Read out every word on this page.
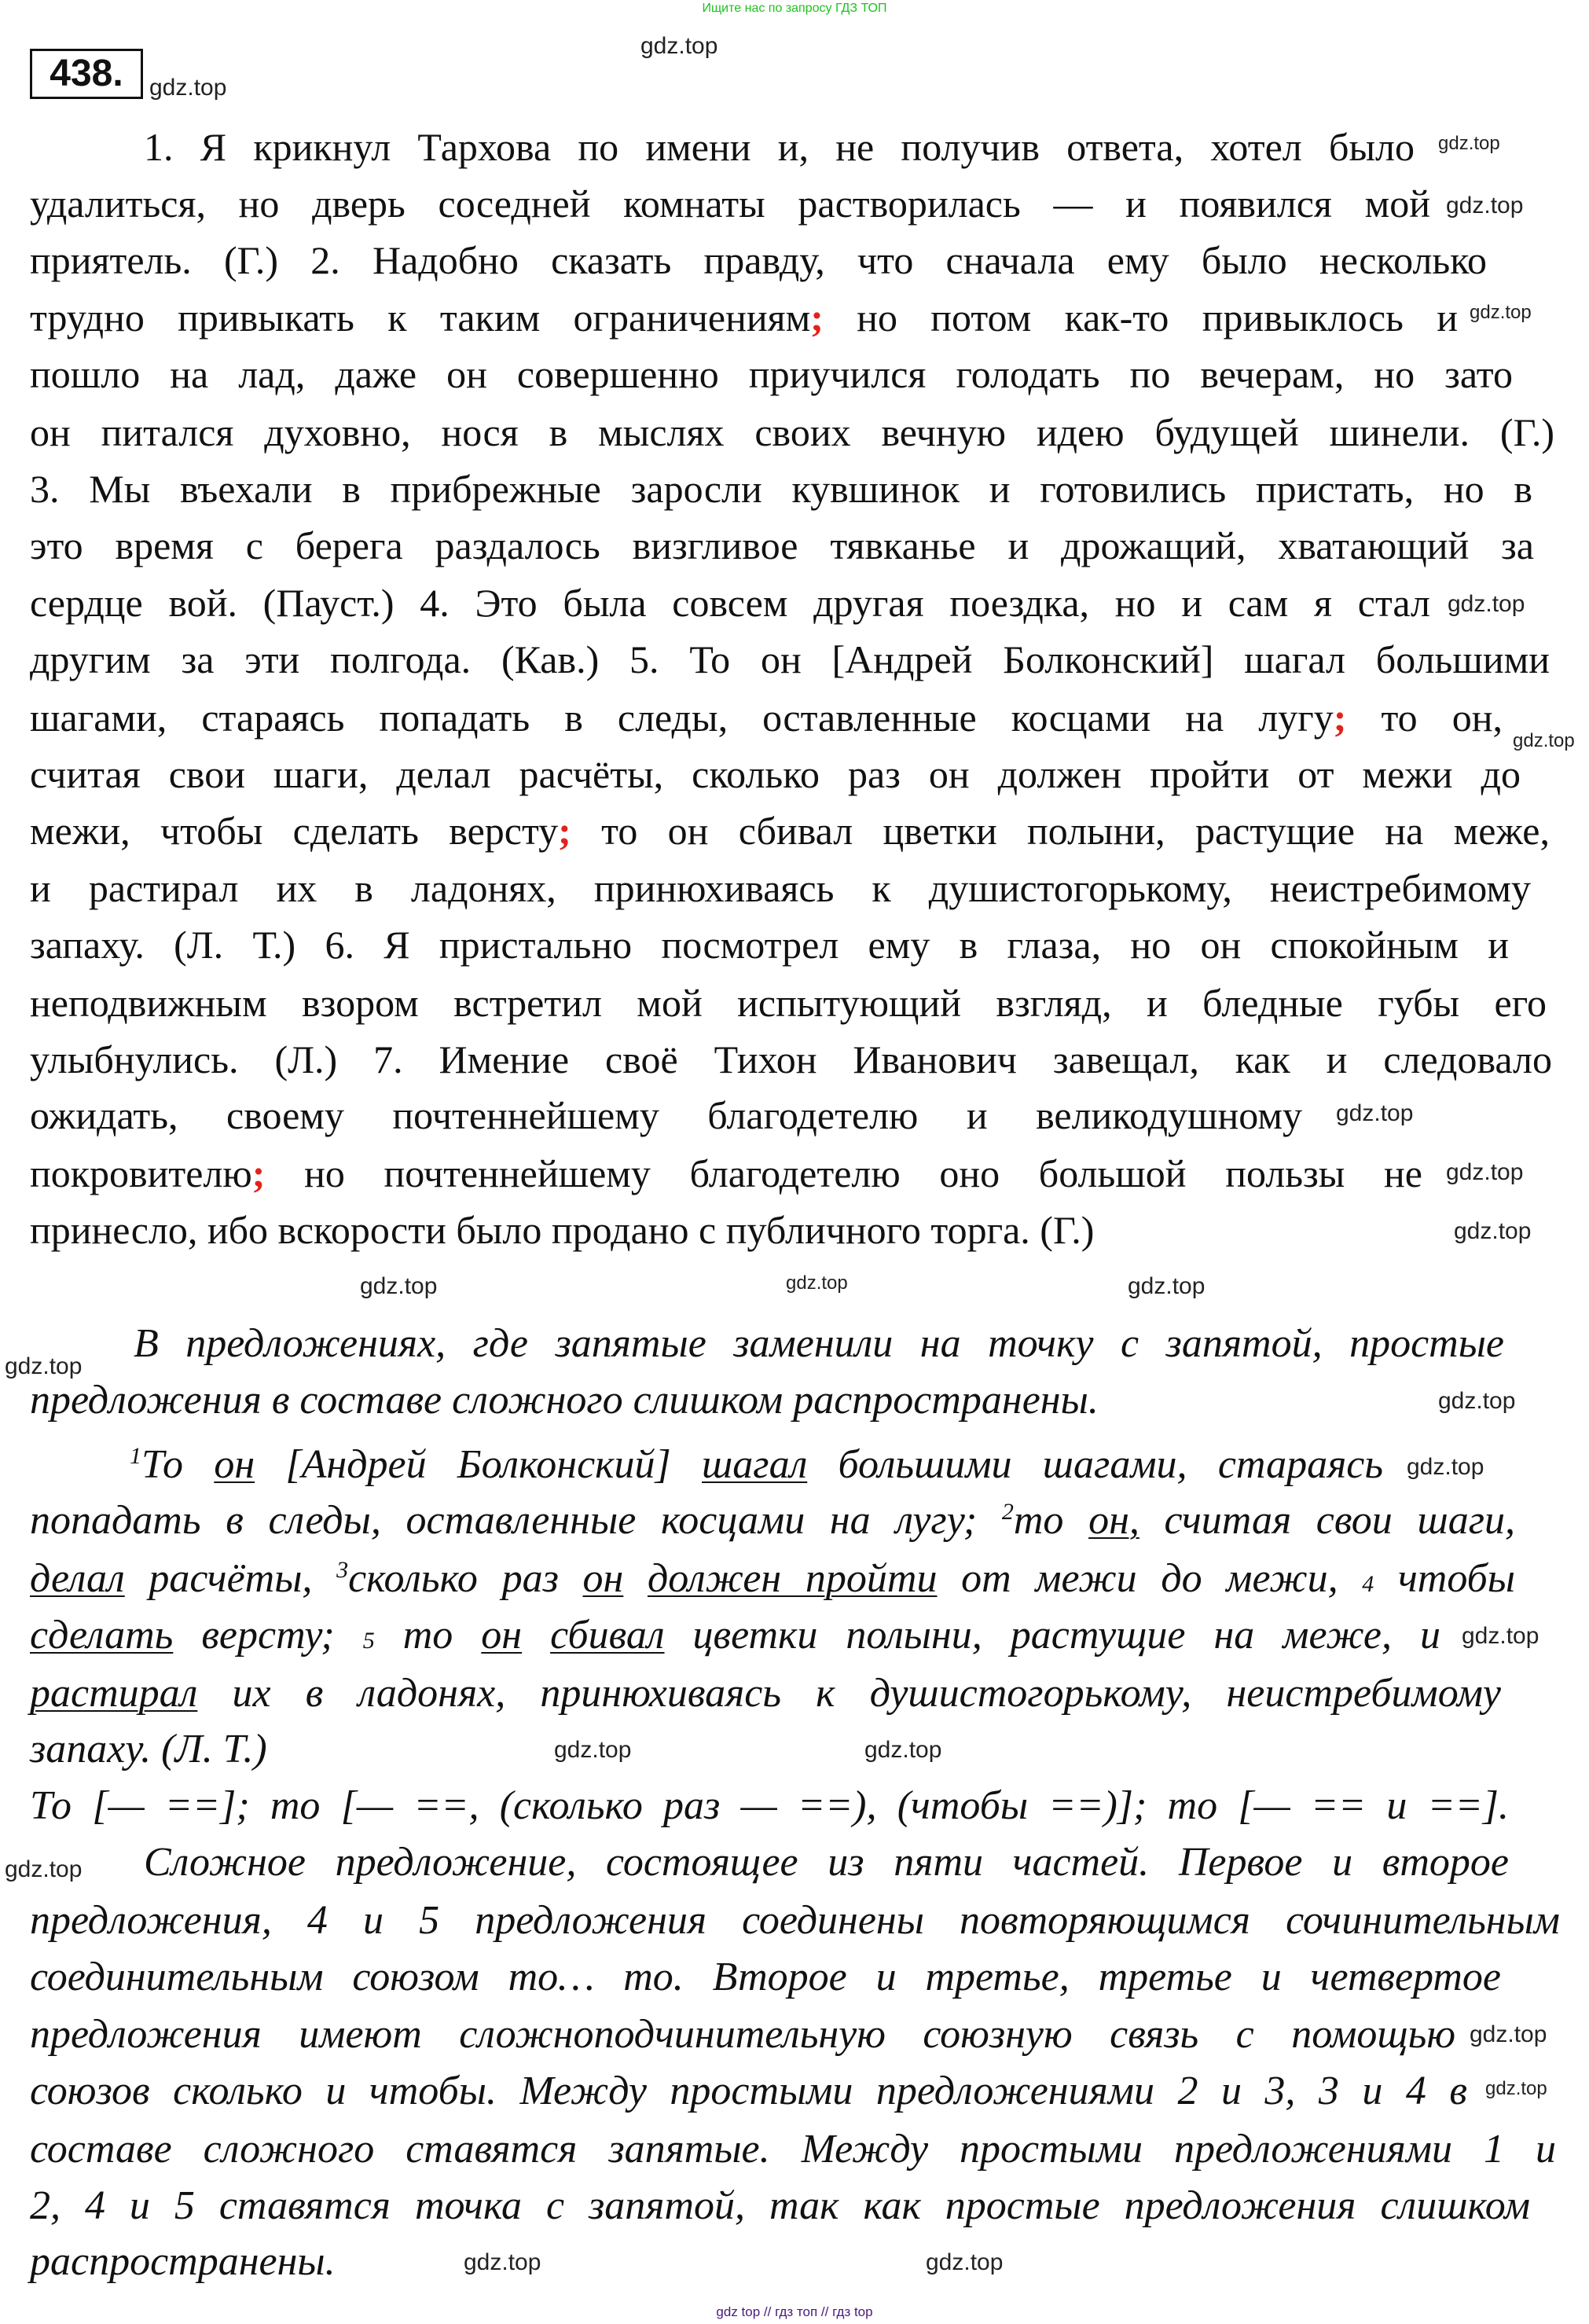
Ищите нас по запросу ГДЗ ТОП
438.
1. Я крикнул Тархова по имени и, не получив ответа, хотел было
удалиться, но дверь соседней комнаты растворилась — и появился мой
приятель. (Г.) 2. Надобно сказать правду, что сначала ему было несколько
трудно привыкать к таким ограничениям; но потом как-то привыклось и
пошло на лад, даже он совершенно приучился голодать по вечерам, но зато
он питался духовно, нося в мыслях своих вечную идею будущей шинели. (Г.)
3. Мы въехали в прибрежные заросли кувшинок и готовились пристать, но в
это время с берега раздалось визгливое тявканье и дрожащий, хватающий за
сердце вой. (Пауст.) 4. Это была совсем другая поездка, но и сам я стал
другим за эти полгода. (Кав.) 5. То он [Андрей Болконский] шагал большими
шагами, стараясь попадать в следы, оставленные косцами на лугу; то он,
считая свои шаги, делал расчёты, сколько раз он должен пройти от межи до
межи, чтобы сделать версту; то он сбивал цветки полыни, растущие на меже,
и растирал их в ладонях, принюхиваясь к душистогорькому, неистребимому
запаху. (Л. Т.) 6. Я пристально посмотрел ему в глаза, но он спокойным и
неподвижным взором встретил мой испытующий взгляд, и бледные губы его
улыбнулись. (Л.) 7. Имение своё Тихон Иванович завещал, как и следовало
ожидать, своему почтеннейшему благодетелю и великодушному
покровителю; но почтеннейшему благодетелю оно большой пользы не
принесло, ибо вскорости было продано с публичного торга. (Г.)
В предложениях, где запятые заменили на точку с запятой, простые
предложения в составе сложного слишком распространены.
$^1$То он [Андрей Болконский] шагал большими шагами, стараясь
попадать в следы, оставленные косцами на лугу; $^2$то он, считая свои шаги,
делал расчёты, $^3$сколько раз он должен пройти от межи до межи, 4 чтобы
сделать версту; 5 то он сбивал цветки полыни, растущие на меже, и
растирал их в ладонях, принюхиваясь к душистогорькому, неистребимому
запаху. (Л. Т.)
То [— ==]; то [— ==, (сколько раз — ==), (чтобы ==)]; то [— == и ==].
Сложное предложение, состоящее из пяти частей. Первое и второе
предложения, 4 и 5 предложения соединены повторяющимся сочинительным
соединительным союзом то… то. Второе и третье, третье и четвертое
предложения имеют сложноподчинительную союзную связь с помощью
союзов сколько и чтобы. Между простыми предложениями 2 и 3, 3 и 4 в
составе сложного ставятся запятые. Между простыми предложениями 1 и
2, 4 и 5 ставятся точка с запятой, так как простые предложения слишком
распространены.
gdz.top
gdz.top
gdz.top
gdz.top
gdz.top
gdz.top
gdz.top
gdz.top
gdz.top
gdz.top
gdz.top
gdz.top
gdz.top
gdz.top
gdz.top
gdz.top
gdz.top	gdz.top
gdz.top
gdz.top
gdz.top
gdz.top	gdz.top
gdz.top
gdz top // гдз топ // гдз top
